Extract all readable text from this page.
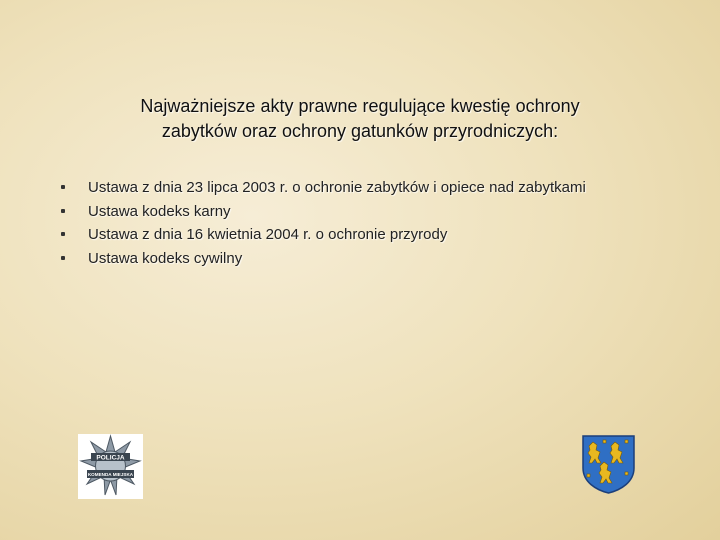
Najważniejsze akty prawne regulujące kwestię ochrony
zabytków oraz ochrony gatunków przyrodniczych:
Ustawa z dnia 23 lipca 2003 r. o ochronie zabytków i opiece nad zabytkami
Ustawa kodeks karny
Ustawa z dnia 16 kwietnia 2004 r. o ochronie przyrody
Ustawa kodeks cywilny
POLICJA
KOMENDA MIEJSKA
